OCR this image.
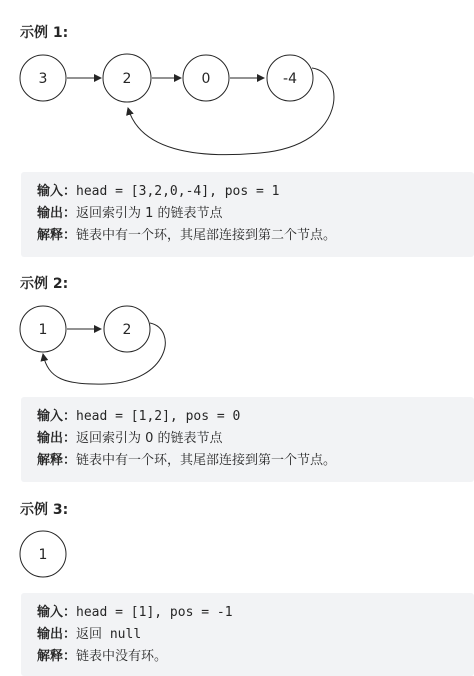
示例 1:
3	2	0	-4
输入：head = [3,2,0,-4], pos = 1
输出：返回索引为 1 的链表节点
解释：链表中有一个环，其尾部连接到第二个节点。
示例 2:
1	2
输入：head = [1,2], pos = 0
输出：返回索引为 0 的链表节点
解释：链表中有一个环，其尾部连接到第一个节点。
示例 3:
1
输入：head = [1], pos = -1
输出：返回 null
解释：链表中没有环。
